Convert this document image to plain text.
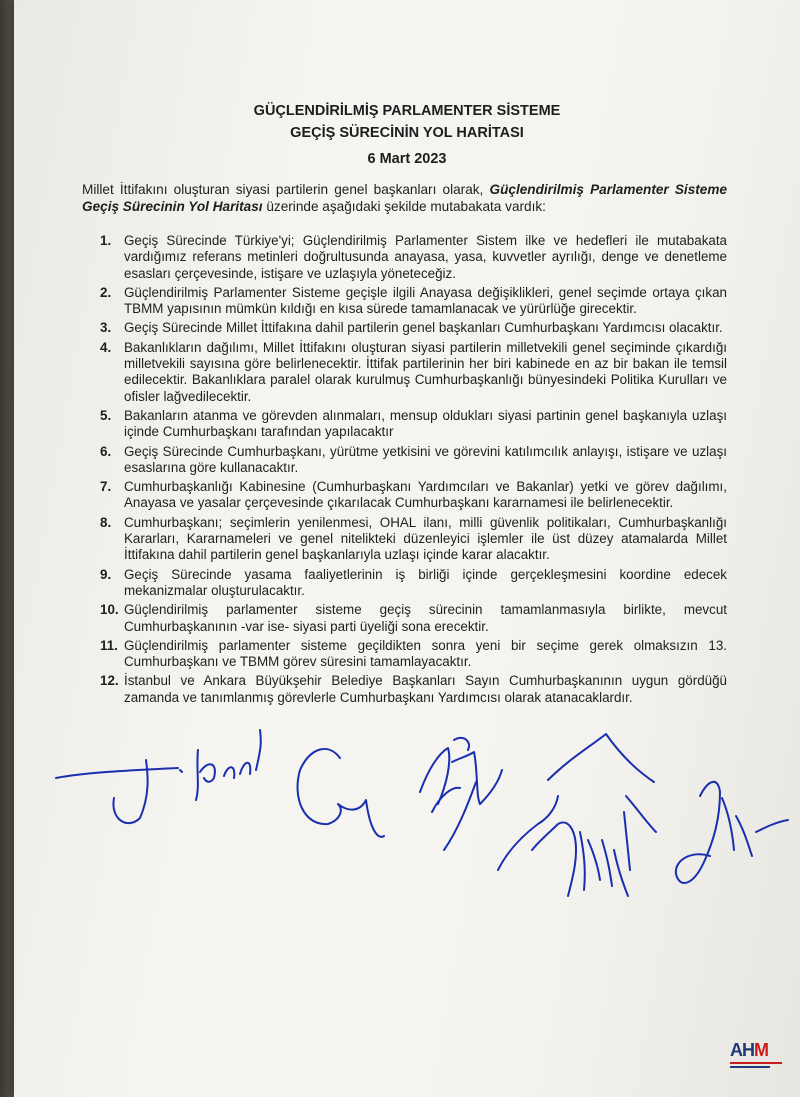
GÜÇLENDİRİLMİŞ PARLAMENTER SİSTEME
GEÇİŞ SÜRECİNİN YOL HARİTASI
6 Mart 2023
Millet İttifakını oluşturan siyasi partilerin genel başkanları olarak, Güçlendirilmiş Parlamenter Sisteme Geçiş Sürecinin Yol Haritası üzerinde aşağıdaki şekilde mutabakata vardık:
1. Geçiş Sürecinde Türkiye'yi; Güçlendirilmiş Parlamenter Sistem ilke ve hedefleri ile mutabakata vardığımız referans metinleri doğrultusunda anayasa, yasa, kuvvetler ayrılığı, denge ve denetleme esasları çerçevesinde, istişare ve uzlaşıyla yöneteceğiz.
2. Güçlendirilmiş Parlamenter Sisteme geçişle ilgili Anayasa değişiklikleri, genel seçimde ortaya çıkan TBMM yapısının mümkün kıldığı en kısa sürede tamamlanacak ve yürürlüğe girecektir.
3. Geçiş Sürecinde Millet İttifakına dahil partilerin genel başkanları Cumhurbaşkanı Yardımcısı olacaktır.
4. Bakanlıkların dağılımı, Millet İttifakını oluşturan siyasi partilerin milletvekili genel seçiminde çıkardığı milletvekili sayısına göre belirlenecektir. İttifak partilerinin her biri kabinede en az bir bakan ile temsil edilecektir. Bakanlıklara paralel olarak kurulmuş Cumhurbaşkanlığı bünyesindeki Politika Kurulları ve ofisler lağvedilecektir.
5. Bakanların atanma ve görevden alınmaları, mensup oldukları siyasi partinin genel başkanıyla uzlaşı içinde Cumhurbaşkanı tarafından yapılacaktır
6. Geçiş Sürecinde Cumhurbaşkanı, yürütme yetkisini ve görevini katılımcılık anlayışı, istişare ve uzlaşı esaslarına göre kullanacaktır.
7. Cumhurbaşkanlığı Kabinesine (Cumhurbaşkanı Yardımcıları ve Bakanlar) yetki ve görev dağılımı, Anayasa ve yasalar çerçevesinde çıkarılacak Cumhurbaşkanı kararnamesi ile belirlenecektir.
8. Cumhurbaşkanı; seçimlerin yenilenmesi, OHAL ilanı, milli güvenlik politikaları, Cumhurbaşkanlığı Kararları, Kararnameleri ve genel nitelikteki düzenleyici işlemler ile üst düzey atamalarda Millet İttifakına dahil partilerin genel başkanlarıyla uzlaşı içinde karar alacaktır.
9. Geçiş Sürecinde yasama faaliyetlerinin iş birliği içinde gerçekleşmesini koordine edecek mekanizmalar oluşturulacaktır.
10. Güçlendirilmiş parlamenter sisteme geçiş sürecinin tamamlanmasıyla birlikte, mevcut Cumhurbaşkanının -var ise- siyasi parti üyeliği sona erecektir.
11. Güçlendirilmiş parlamenter sisteme geçildikten sonra yeni bir seçime gerek olmaksızın 13. Cumhurbaşkanı ve TBMM görev süresini tamamlayacaktır.
12. İstanbul ve Ankara Büyükşehir Belediye Başkanları Sayın Cumhurbaşkanının uygun gördüğü zamanda ve tanımlanmış görevlerle Cumhurbaşkanı Yardımcısı olarak atanacaklardır.
AHM
